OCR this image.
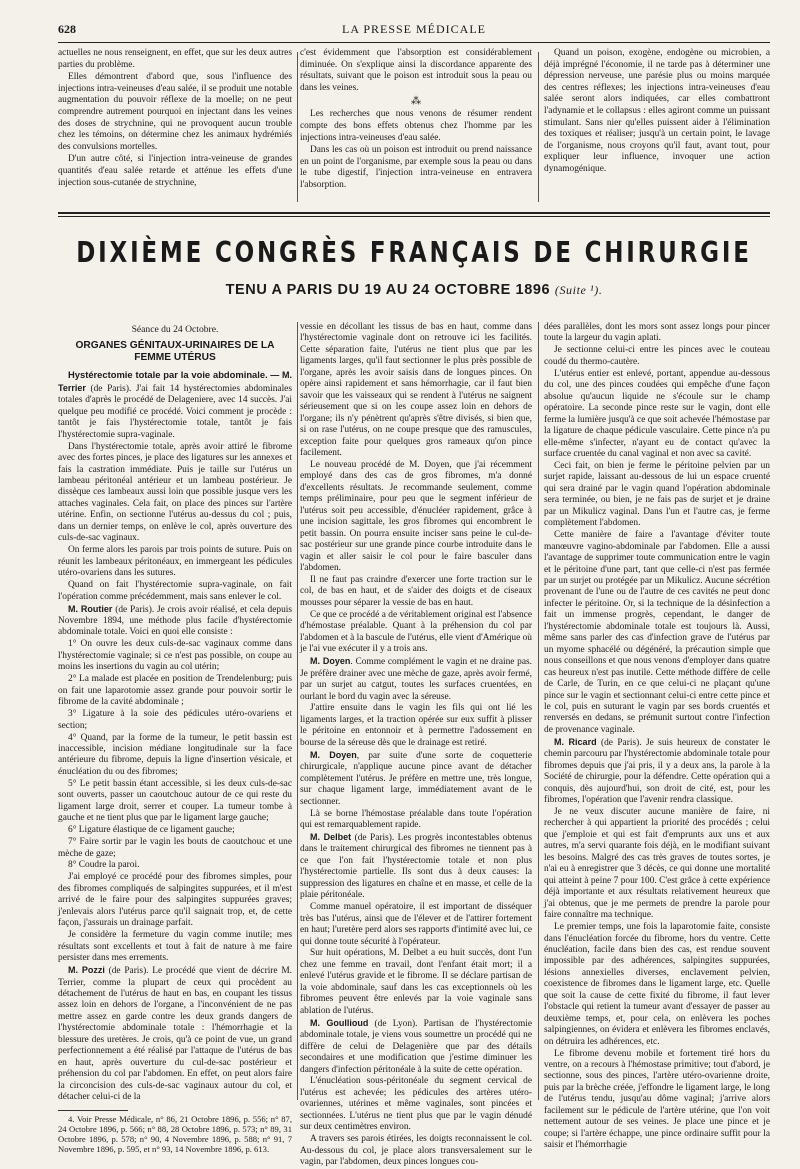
628	LA PRESSE MÉDICALE

actuelles ne nous renseignent, en effet, que sur les deux autres parties du problème.

Elles démontrent d'abord que, sous l'influence des injections intra-veineuses d'eau salée, il se produit une notable augmentation du pouvoir réflexe de la moelle; on ne peut comprendre autrement pourquoi en injectant dans les veines des doses de strychnine, qui ne provoquent aucun trouble chez les témoins, on détermine chez les animaux hydrémiés des convulsions mortelles.

D'un autre côté, si l'injection intra-veineuse de grandes quantités d'eau salée retarde et atténue les effets d'une injection sous-cutanée de strychnine,

c'est évidemment que l'absorption est considérablement diminuée. On s'explique ainsi la discordance apparente des résultats, suivant que le poison est introduit sous la peau ou dans les veines.

⁂

Les recherches que nous venons de résumer rendent compte des bons effets obtenus chez l'homme par les injections intra-veineuses d'eau salée.

Dans les cas où un poison est introduit ou prend naissance en un point de l'organisme, par exemple sous la peau ou dans le tube digestif, l'injection intra-veineuse en entravera l'absorption.

Quand un poison, exogène, endogène ou microbien, a déjà imprégné l'économie, il ne tarde pas à déterminer une dépression nerveuse, une parésie plus ou moins marquée des centres réflexes; les injections intra-veineuses d'eau salée seront alors indiquées, car elles combattront l'adynamie et le collapsus : elles agiront comme un puissant stimulant. Sans nier qu'elles puissent aider à l'élimination des toxiques et réaliser; jusqu'à un certain point, le lavage de l'organisme, nous croyons qu'il faut, avant tout, pour expliquer leur influence, invoquer une action dynamogénique.

DIXIÈME CONGRÈS FRANÇAIS DE CHIRURGIE
TENU A PARIS DU 19 AU 24 OCTOBRE 1896 (Suite ¹).
Séance du 24 Octobre.
ORGANES GÉNITAUX-URINAIRES DE LA FEMME UTÉRUS

Hystérectomie totale par la voie abdominale. — M. Terrier (de Paris). J'ai fait 14 hystérectomies abdominales totales d'après le procédé de Delageniere, avec 14 succès. J'ai quelque peu modifié ce procédé. Voici comment je procède : tantôt je fais l'hystérectomie totale, tantôt je fais l'hystérectomie supra-vaginale.

Dans l'hystérectomie totale, après avoir attiré le fibrome avec des fortes pinces, je place des ligatures sur les annexes et fais la castration immédiate. Puis je taille sur l'utérus un lambeau péritonéal antérieur et un lambeau postérieur. Je dissèque ces lambeaux aussi loin que possible jusque vers les attaches vaginales. Cela fait, on place des pinces sur l'artère utérine. Enfin, on sectionne l'utérus au-dessus du col ; puis, dans un dernier temps, on enlève le col, après ouverture des culs-de-sac vaginaux.

On ferme alors les parois par trois points de suture. Puis on réunit les lambeaux péritonéaux, en immergeant les pédicules utéro-ovariens dans les sutures.

Quand on fait l'hystérectomie supra-vaginale, on fait l'opération comme précédemment, mais sans enlever le col.

M. Routier (de Paris). Je crois avoir réalisé, et cela depuis Novembre 1894, une méthode plus facile d'hystérectomie abdominale totale. Voici en quoi elle consiste :

1° On ouvre les deux culs-de-sac vaginaux comme dans l'hystérectomie vaginale; si ce n'est pas possible, on coupe au moins les insertions du vagin au col utérin;

2° La malade est placée en position de Trendelenburg; puis on fait une laparotomie assez grande pour pouvoir sortir le fibrome de la cavité abdominale ;

3° Ligature à la soie des pédicules utéro-ovariens et section;

4° Quand, par la forme de la tumeur, le petit bassin est inaccessible, incision médiane longitudinale sur la face antérieure du fibrome, depuis la ligne d'insertion vésicale, et énucléation du ou des fibromes;

5° Le petit bassin étant accessible, si les deux culs-de-sac sont ouverts, passer un caoutchouc autour de ce qui reste du ligament large droit, serrer et couper. La tumeur tombe à gauche et ne tient plus que par le ligament large gauche;

6° Ligature élastique de ce ligament gauche;

7° Faire sortir par le vagin les bouts de caoutchouc et une mèche de gaze;

8° Coudre la paroi.

J'ai employé ce procédé pour des fibromes simples, pour des fibromes compliqués de salpingites suppurées, et il m'est arrivé de le faire pour des salpingites suppurées graves; j'enlevais alors l'utérus parce qu'il saignait trop, et, de cette façon, j'assurais un drainage parfait.

Je considère la fermeture du vagin comme inutile; mes résultats sont excellents et tout à fait de nature à me faire persister dans mes errements.

M. Pozzi (de Paris). Le procédé que vient de décrire M. Terrier, comme la plupart de ceux qui procèdent au détachement de l'utérus de haut en bas, en coupant les tissus assez loin en dehors de l'organe, a l'inconvénient de ne pas mettre assez en garde contre les deux grands dangers de l'hystérectomie abdominale totale : l'hémorrhagie et la blessure des uretères. Je crois, qu'à ce point de vue, un grand perfectionnement a été réalisé par l'attaque de l'utérus de bas en haut, après ouverture du cul-de-sac postérieur et préhension du col par l'abdomen. En effet, on peut alors faire la circoncision des culs-de-sac vaginaux autour du col, et détacher celui-ci de la

4. Voir Presse Médicale, n° 86, 21 Octobre 1896, p. 556; n° 87, 24 Octobre 1896, p. 566; n° 88, 28 Octobre 1896, p. 573; n° 89, 31 Octobre 1896, p. 578; n° 90, 4 Novembre 1896, p. 588; n° 91, 7 Novembre 1896, p. 595, et n° 93, 14 Novembre 1896, p. 613.

vessie en décollant les tissus de bas en haut, comme dans l'hystérectomie vaginale dont on retrouve ici les facilités. Cette séparation faite, l'utérus ne tient plus que par les ligaments larges, qu'il faut sectionner le plus près possible de l'organe, après les avoir saisis dans de longues pinces. On opère ainsi rapidement et sans hémorrhagie, car il faut bien savoir que les vaisseaux qui se rendent à l'utérus ne saignent sérieusement que si on les coupe assez loin en dehors de l'organe; ils n'y pénètrent qu'après s'être divisés, si bien que, si on rase l'utérus, on ne coupe presque que des ramuscules, exception faite pour quelques gros rameaux qu'on pince facilement.

Le nouveau procédé de M. Doyen, que j'ai récemment employé dans des cas de gros fibromes, m'a donné d'excellents résultats. Je recommande seulement, comme temps préliminaire, pour peu que le segment inférieur de l'utérus soit peu accessible, d'énucléer rapidement, grâce à une incision sagittale, les gros fibromes qui encombrent le petit bassin. On pourra ensuite inciser sans peine le cul-de-sac postérieur sur une grande pince courbe introduite dans le vagin et aller saisir le col pour le faire basculer dans l'abdomen.

Il ne faut pas craindre d'exercer une forte traction sur le col, de bas en haut, et de s'aider des doigts et de ciseaux mousses pour séparer la vessie de bas en haut.

Ce que ce procédé a de véritablement original est l'absence d'hémostase préalable. Quant à la préhension du col par l'abdomen et à la bascule de l'utérus, elle vient d'Amérique où je l'ai vue exécuter il y a trois ans.

M. Doyen. Comme complément le vagin et ne draine pas. Je préfère drainer avec une mèche de gaze, après avoir fermé, par un surjet au catgut, toutes les surfaces cruentées, en ourlant le bord du vagin avec la séreuse.

J'attire ensuite dans le vagin les fils qui ont lié les ligaments larges, et la traction opérée sur eux suffit à plisser le péritoine en entonnoir et à permettre l'adossement en bourse de la séreuse dès que le drainage est retiré.

M. Doyen, par suite d'une sorte de coquetterie chirurgicale, n'applique aucune pince avant de détacher complètement l'utérus. Je préfère en mettre une, très longue, sur chaque ligament large, immédiatement avant de le sectionner.

Là se borne l'hémostase préalable dans toute l'opération qui est remarquablement rapide.

M. Delbet (de Paris). Les progrès incontestables obtenus dans le traitement chirurgical des fibromes ne tiennent pas à ce que l'on fait l'hystérectomie totale et non plus l'hystérectomie partielle. Ils sont dus à deux causes: la suppression des ligatures en chaîne et en masse, et celle de la plaie péritonéale.

Comme manuel opératoire, il est important de disséquer très bas l'utérus, ainsi que de l'élever et de l'attirer fortement en haut; l'uretère perd alors ses rapports d'intimité avec lui, ce qui donne toute sécurité à l'opérateur.

Sur huit opérations, M. Delbet a eu huit succès, dont l'un chez une femme en travail, dont l'enfant était mort; il a enlevé l'utérus gravide et le fibrome. Il se déclare partisan de la voie abdominale, sauf dans les cas exceptionnels où les fibromes peuvent être enlevés par la voie vaginale sans ablation de l'utérus.

M. Goullioud (de Lyon). Partisan de l'hystérectomie abdominale totale, je viens vous soumettre un procédé qui ne diffère de celui de Delagenière que par des détails secondaires et une modification que j'estime diminuer les dangers d'infection péritonéale à la suite de cette opération.

L'énucléation sous-péritonéale du segment cervical de l'utérus est achevée; les pédicules des artères utéro-ovariennes, utérines et même vaginales, sont pincées et sectionnées. L'utérus ne tient plus que par le vagin dénudé sur deux centimètres environ.

A travers ses parois étirées, les doigts reconnaissent le col. Au-dessous du col, je place alors transversalement sur le vagin, par l'abdomen, deux pinces longues cou-

dées parallèles, dont les mors sont assez longs pour pincer toute la largeur du vagin aplati.

Je sectionne celui-ci entre les pinces avec le couteau coudé du thermo-cautère.

L'utérus entier est enlevé, portant, appendue au-dessous du col, une des pinces coudées qui empêche d'une façon absolue qu'aucun liquide ne s'écoule sur le champ opératoire. La seconde pince reste sur le vagin, dont elle ferme la lumière jusqu'à ce que soit achevée l'hémostase par la ligature de chaque pédicule vasculaire. Cette pince n'a pu elle-même s'infecter, n'ayant eu de contact qu'avec la surface cruentée du canal vaginal et non avec sa cavité.

Ceci fait, on bien je ferme le péritoine pelvien par un surjet rapide, laissant au-dessous de lui un espace cruenté qui sera drainé par le vagin quand l'opération abdominale sera terminée, ou bien, je ne fais pas de surjet et je draine par un Mikulicz vaginal. Dans l'un et l'autre cas, je ferme complètement l'abdomen.

Cette manière de faire a l'avantage d'éviter toute manœuvre vagino-abdominale par l'abdomen. Elle a aussi l'avantage de supprimer toute communication entre le vagin et le péritoine d'une part, tant que celle-ci n'est pas fermée par un surjet ou protégée par un Mikulicz. Aucune sécrétion provenant de l'une ou de l'autre de ces cavités ne peut donc infecter le péritoine. Or, si la technique de la désinfection a fait un immense progrès, cependant, le danger de l'hystérectomie abdominale totale est toujours là. Aussi, même sans parler des cas d'infection grave de l'utérus par un myome sphacélé ou dégénéré, la précaution simple que nous conseillons et que nous venons d'employer dans quatre cas heureux n'est pas inutile. Cette méthode diffère de celle de Carle, de Turin, en ce que celui-ci ne plaçant qu'une pince sur le vagin et sectionnant celui-ci entre cette pince et le col, puis en suturant le vagin par ses bords cruentés et renversés en dedans, se prémunit surtout contre l'infection de provenance vaginale.

M. Ricard (de Paris). Je suis heureux de constater le chemin parcouru par l'hystérectomie abdominale totale pour fibromes depuis que j'ai pris, il y a deux ans, la parole à la Société de chirurgie, pour la défendre. Cette opération qui a conquis, dès aujourd'hui, son droit de cité, est, pour les fibromes, l'opération que l'avenir rendra classique.

Je ne veux discuter aucune manière de faire, ni rechercher à qui appartient la priorité des procédés ; celui que j'emploie et qui est fait d'emprunts aux uns et aux autres, m'a servi quarante fois déjà, en le modifiant suivant les besoins. Malgré des cas très graves de toutes sortes, je n'ai eu à enregistrer que 3 décès, ce qui donne une mortalité qui atteint à peine 7 pour 100. C'est grâce à cette expérience déjà importante et aux résultats relativement heureux que j'ai obtenus, que je me permets de prendre la parole pour faire connaître ma technique.

Le premier temps, une fois la laparotomie faite, consiste dans l'énucléation forcée du fibrome, hors du ventre. Cette énucléation, facile dans bien des cas, est rendue souvent impossible par des adhérences, salpingites suppurées, lésions annexielles diverses, enclavement pelvien, coexistence de fibromes dans le ligament large, etc. Quelle que soit la cause de cette fixité du fibrome, il faut lever l'obstacle qui retient la tumeur avant d'essayer de passer au deuxième temps, et, pour cela, on enlèvera les poches salpingiennes, on évidera et enlèvera les fibromes enclavés, on détruira les adhérences, etc.

Le fibrome devenu mobile et fortement tiré hors du ventre, on a recours à l'hémostase primitive; tout d'abord, je sectionne, sous des pinces, l'artère utéro-ovarienne droite, puis par la brèche créée, j'effondre le ligament large, le long de l'utérus tendu, jusqu'au dôme vaginal; j'arrive alors facilement sur le pédicule de l'artère utérine, que l'on voit nettement autour de ses veines. Je place une pince et je coupe; si l'artère échappe, une pince ordinaire suffit pour la saisir et l'hémorrhagie
